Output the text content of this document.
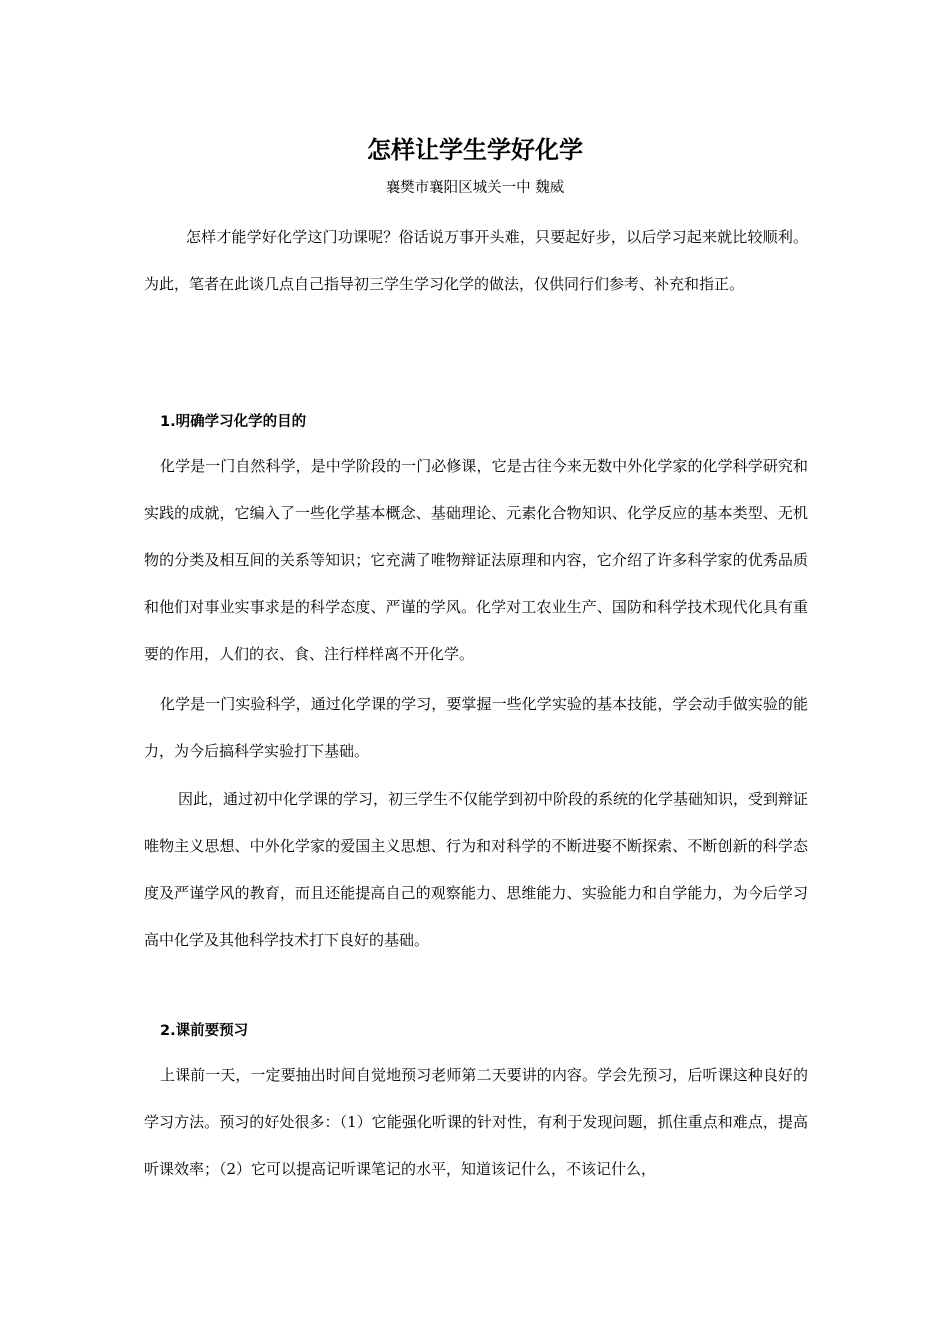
怎样让学生学好化学
襄樊市襄阳区城关一中 魏威

怎样才能学好化学这门功课呢？俗话说万事开头难，只要起好步，以后学习起来就比较顺利。为此，笔者在此谈几点自己指导初三学生学习化学的做法，仅供同行们参考、补充和指正。

1.明确学习化学的目的

化学是一门自然科学，是中学阶段的一门必修课，它是古往今来无数中外化学家的化学科学研究和实践的成就，它编入了一些化学基本概念、基础理论、元素化合物知识、化学反应的基本类型、无机物的分类及相互间的关系等知识；它充满了唯物辩证法原理和内容，它介绍了许多科学家的优秀品质和他们对事业实事求是的科学态度、严谨的学风。化学对工农业生产、国防和科学技术现代化具有重要的作用，人们的衣、食、注行样样离不开化学。

化学是一门实验科学，通过化学课的学习，要掌握一些化学实验的基本技能，学会动手做实验的能力，为今后搞科学实验打下基础。

因此，通过初中化学课的学习，初三学生不仅能学到初中阶段的系统的化学基础知识，受到辩证唯物主义思想、中外化学家的爱国主义思想、行为和对科学的不断进娶不断探索、不断创新的科学态度及严谨学风的教育，而且还能提高自己的观察能力、思维能力、实验能力和自学能力，为今后学习高中化学及其他科学技术打下良好的基础。

2.课前要预习

上课前一天，一定要抽出时间自觉地预习老师第二天要讲的内容。学会先预习，后听课这种良好的学习方法。预习的好处很多：（1）它能强化听课的针对性，有利于发现问题，抓住重点和难点，提高听课效率；（2）它可以提高记听课笔记的水平，知道该记什么，不该记什么，
